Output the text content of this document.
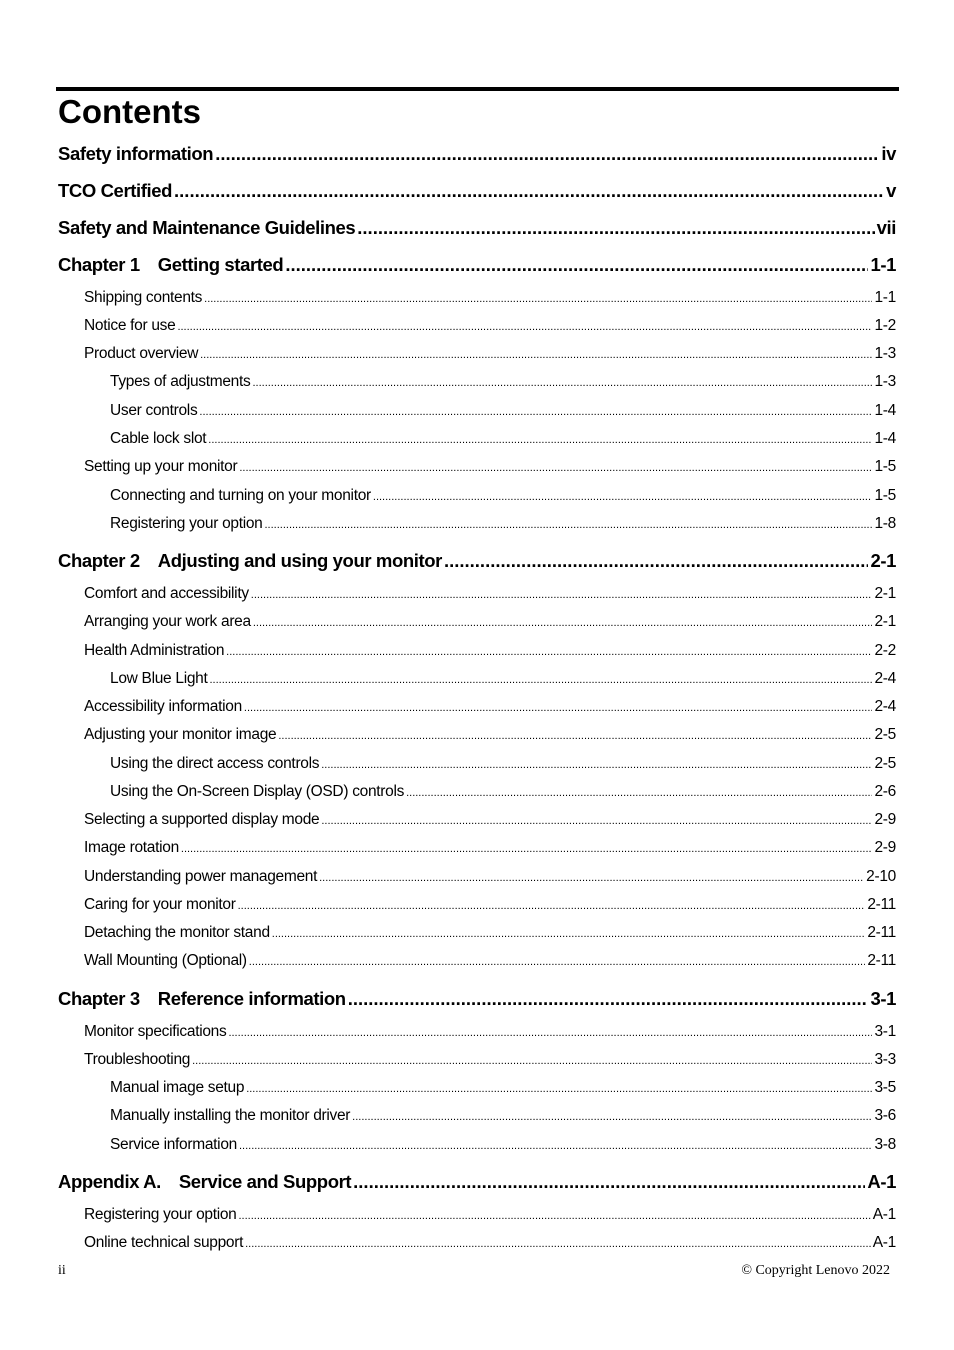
Contents
Safety information .....	iv
TCO Certified .....	v
Safety and Maintenance Guidelines .....	vii
Chapter 1 Getting started .....	1-1
Shipping contents .....	1-1
Notice for use .....	1-2
Product overview .....	1-3
Types of adjustments .....	1-3
User controls .....	1-4
Cable lock slot .....	1-4
Setting up your monitor .....	1-5
Connecting and turning on your monitor .....	1-5
Registering your option .....	1-8
Chapter 2 Adjusting and using your monitor .....	2-1
Comfort and accessibility .....	2-1
Arranging your work area .....	2-1
Health Administration .....	2-2
Low Blue Light .....	2-4
Accessibility information .....	2-4
Adjusting your monitor image .....	2-5
Using the direct access controls .....	2-5
Using the On-Screen Display (OSD) controls .....	2-6
Selecting a supported display mode .....	2-9
Image rotation .....	2-9
Understanding power management .....	2-10
Caring for your monitor .....	2-11
Detaching the monitor stand .....	2-11
Wall Mounting (Optional) .....	2-11
Chapter 3 Reference information .....	3-1
Monitor specifications .....	3-1
Troubleshooting .....	3-3
Manual image setup .....	3-5
Manually installing the monitor driver .....	3-6
Service information .....	3-8
Appendix A. Service and Support .....	A-1
Registering your option .....	A-1
Online technical support .....	A-1
ii	© Copyright Lenovo 2022
